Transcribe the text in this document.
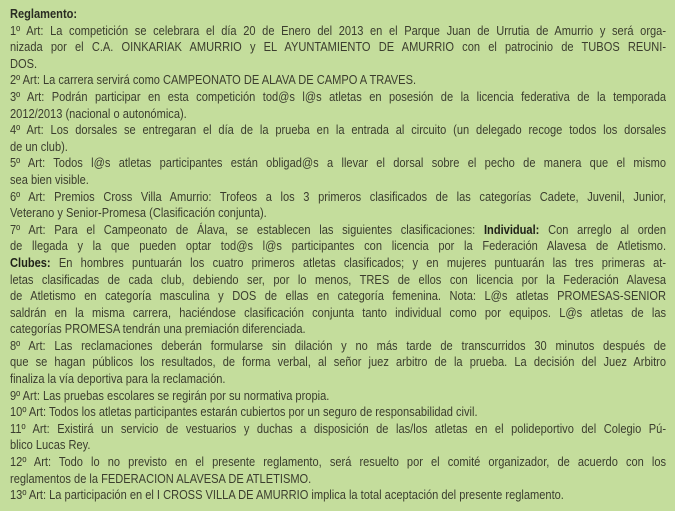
Reglamento:
1º Art: La competición se celebrara el día 20 de Enero del 2013 en el Parque Juan de Urrutia de Amurrio y será orga-
nizada por el C.A. OINKARIAK AMURRIO y EL AYUNTAMIENTO DE AMURRIO con el patrocinio de TUBOS REUNI-
DOS.
2º Art: La carrera servirá como CAMPEONATO DE ALAVA DE CAMPO A TRAVES.
3º Art: Podrán participar en esta competición tod@s l@s atletas en posesión de la licencia federativa de la temporada
2012/2013 (nacional o autonómica).
4º Art: Los dorsales se entregaran el día de la prueba en la entrada al circuito (un delegado recoge todos los dorsales
de un club).
5º Art: Todos l@s atletas participantes están obligad@s a llevar el dorsal sobre el pecho de manera que el mismo
sea bien visible.
6º Art: Premios Cross Villa Amurrio: Trofeos a los 3 primeros clasificados de las categorías Cadete, Juvenil, Junior,
Veterano y Senior-Promesa (Clasificación conjunta).
7º Art: Para el Campeonato de Álava, se establecen las siguientes clasificaciones: Individual: Con arreglo al orden
de llegada y la que pueden optar tod@s l@s participantes con licencia por la Federación Alavesa de Atletismo.
Clubes: En hombres puntuarán los cuatro primeros atletas clasificados; y en mujeres puntuarán las tres primeras at-
letas clasificadas de cada club, debiendo ser, por lo menos, TRES de ellos con licencia por la Federación Alavesa
de Atletismo en categoría masculina y DOS de ellas en categoría femenina. Nota: L@s atletas PROMESAS-SENIOR
saldrán en la misma carrera, haciéndose clasificación conjunta tanto individual como por equipos. L@s atletas de las
categorías PROMESA tendrán una premiación diferenciada.
8º Art: Las reclamaciones deberán formularse sin dilación y no más tarde de transcurridos 30 minutos después de
que se hagan públicos los resultados, de forma verbal, al señor juez arbitro de la prueba. La decisión del Juez Arbitro
finaliza la vía deportiva para la reclamación.
9º Art: Las pruebas escolares se regirán por su normativa propia.
10º Art: Todos los atletas participantes estarán cubiertos por un seguro de responsabilidad civil.
11º Art: Existirá un servicio de vestuarios y duchas a disposición de las/los atletas en el polideportivo del Colegio Pú-
blico Lucas Rey.
12º Art: Todo lo no previsto en el presente reglamento, será resuelto por el comité organizador, de acuerdo con los
reglamentos de la FEDERACION ALAVESA DE ATLETISMO.
13º Art: La participación en el I CROSS VILLA DE AMURRIO implica la total aceptación del presente reglamento.
